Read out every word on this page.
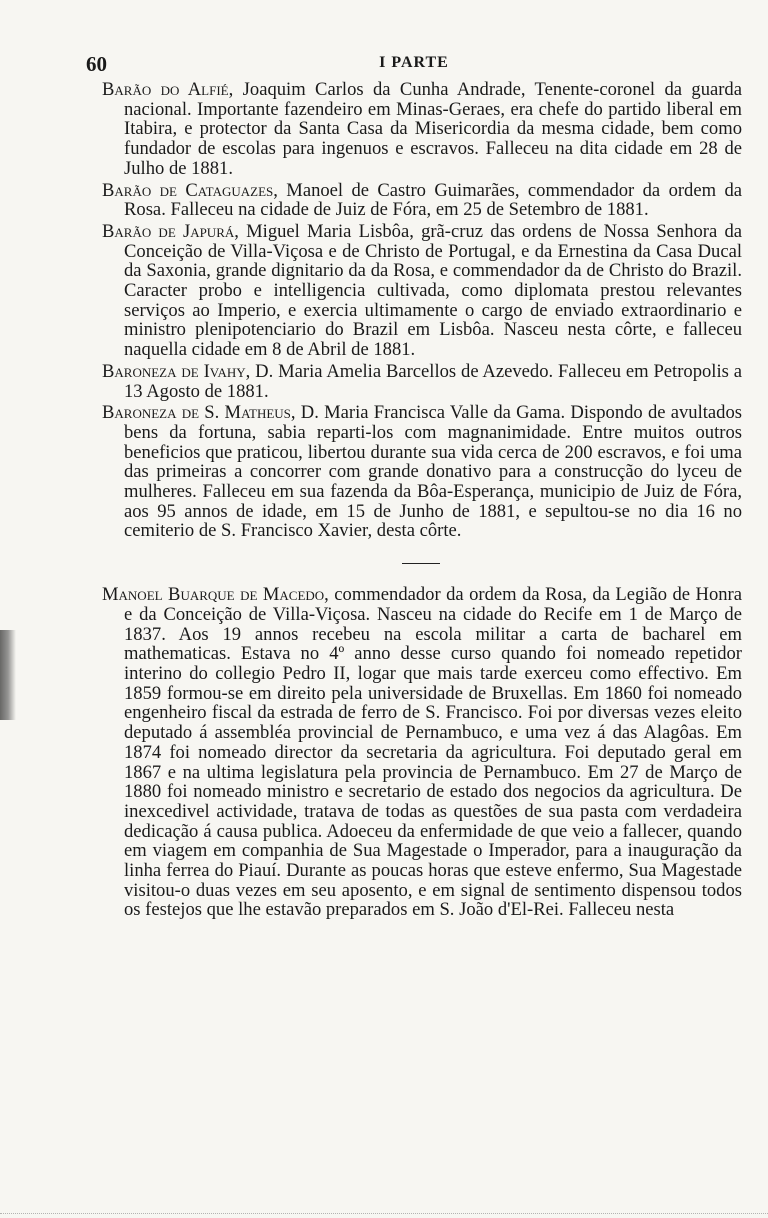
60	I PARTE

Barão do Alfié, Joaquim Carlos da Cunha Andrade, Tenente-coronel da guarda nacional. Importante fazendeiro em Minas-Geraes, era chefe do partido liberal em Itabira, e protector da Santa Casa da Misericordia da mesma cidade, bem como fundador de escolas para ingenuos e escravos. Falleceu na dita cidade em 28 de Julho de 1881.

Barão de Cataguazes, Manoel de Castro Guimarães, commendador da ordem da Rosa. Falleceu na cidade de Juiz de Fóra, em 25 de Setembro de 1881.

Barão de Japurá, Miguel Maria Lisbôa, grã-cruz das ordens de Nossa Senhora da Conceição de Villa-Viçosa e de Christo de Portugal, e da Ernestina da Casa Ducal da Saxonia, grande dignitario da da Rosa, e commendador da de Christo do Brazil. Caracter probo e intelligencia cultivada, como diplomata prestou relevantes serviços ao Imperio, e exercia ultimamente o cargo de enviado extraordinario e ministro plenipotenciario do Brazil em Lisbôa. Nasceu nesta côrte, e falleceu naquella cidade em 8 de Abril de 1881.

Baroneza de Ivahy, D. Maria Amelia Barcellos de Azevedo. Falleceu em Petropolis a 13 Agosto de 1881.

Baroneza de S. Matheus, D. Maria Francisca Valle da Gama. Dispondo de avultados bens da fortuna, sabia reparti-los com magnanimidade. Entre muitos outros beneficios que praticou, libertou durante sua vida cerca de 200 escravos, e foi uma das primeiras a concorrer com grande donativo para a construcção do lyceu de mulheres. Falleceu em sua fazenda da Bôa-Esperança, municipio de Juiz de Fóra, aos 95 annos de idade, em 15 de Junho de 1881, e sepultou-se no dia 16 no cemiterio de S. Francisco Xavier, desta côrte.

Manoel Buarque de Macedo, commendador da ordem da Rosa, da Legião de Honra e da Conceição de Villa-Viçosa. Nasceu na cidade do Recife em 1 de Março de 1837. Aos 19 annos recebeu na escola militar a carta de bacharel em mathematicas. Estava no 4º anno desse curso quando foi nomeado repetidor interino do collegio Pedro II, logar que mais tarde exerceu como effectivo. Em 1859 formou-se em direito pela universidade de Bruxellas. Em 1860 foi nomeado engenheiro fiscal da estrada de ferro de S. Francisco. Foi por diversas vezes eleito deputado á assembléa provincial de Pernambuco, e uma vez á das Alagôas. Em 1874 foi nomeado director da secretaria da agricultura. Foi deputado geral em 1867 e na ultima legislatura pela provincia de Pernambuco. Em 27 de Março de 1880 foi nomeado ministro e secretario de estado dos negocios da agricultura. De inexcedivel actividade, tratava de todas as questões de sua pasta com verdadeira dedicação á causa publica. Adoeceu da enfermidade de que veio a fallecer, quando em viagem em companhia de Sua Magestade o Imperador, para a inauguração da linha ferrea do Piauí. Durante as poucas horas que esteve enfermo, Sua Magestade visitou-o duas vezes em seu aposento, e em signal de sentimento dispensou todos os festejos que lhe estavão preparados em S. João d'El-Rei. Falleceu nesta
